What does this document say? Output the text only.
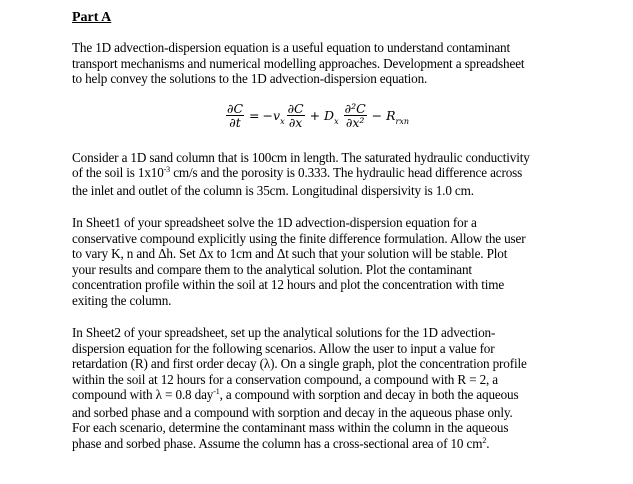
Part A
The 1D advection-dispersion equation is a useful equation to understand contaminant
transport mechanisms and numerical modelling approaches. Development a spreadsheet
to help convey the solutions to the 1D advection-dispersion equation.
$\frac{\partial C}{\partial t} = -v_x \frac{\partial C}{\partial x} + D_x \frac{\text{∂²C}}{\text{∂x²}} - R_{rxn}$
Consider a 1D sand column that is 100cm in length. The saturated hydraulic conductivity
of the soil is $1x10^{-3}$ cm/s and the porosity is 0.333. The hydraulic head difference across
the inlet and outlet of the column is 35cm. Longitudinal dispersivity is 1.0 cm.
In Sheet1 of your spreadsheet solve the 1D advection-dispersion equation for a
conservative compound explicitly using the finite difference formulation. Allow the user
to vary K, n and Δh. Set Δx to 1cm and Δt such that your solution will be stable. Plot
your results and compare them to the analytical solution. Plot the contaminant
concentration profile within the soil at 12 hours and plot the concentration with time
exiting the column.
In Sheet2 of your spreadsheet, set up the analytical solutions for the 1D advection-
dispersion equation for the following scenarios. Allow the user to input a value for
retardation (R) and first order decay (λ). On a single graph, plot the concentration profile
within the soil at 12 hours for a conservation compound, a compound with R = 2, a
compound with λ = 0.8 day$^{-1}$, a compound with sorption and decay in both the aqueous
and sorbed phase and a compound with sorption and decay in the aqueous phase only.
For each scenario, determine the contaminant mass within the column in the aqueous
phase and sorbed phase. Assume the column has a cross-sectional area of 10 $cm^2$.
